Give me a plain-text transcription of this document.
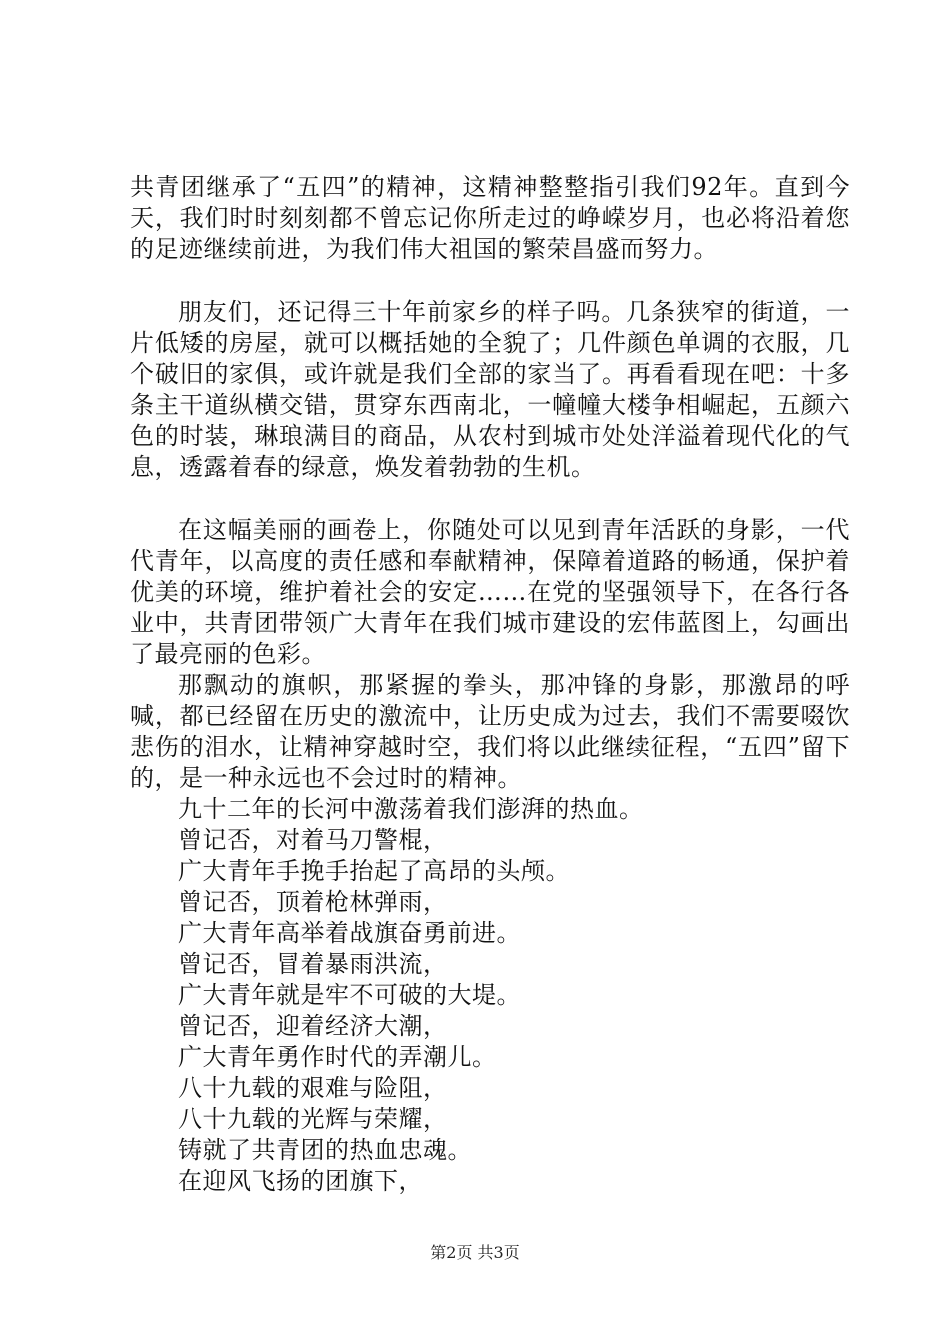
共青团继承了“五四”的精神，这精神整整指引我们92年。直到今天，我们时时刻刻都不曾忘记你所走过的峥嵘岁月，也必将沿着您的足迹继续前进，为我们伟大祖国的繁荣昌盛而努力。

朋友们，还记得三十年前家乡的样子吗。几条狭窄的街道，一片低矮的房屋，就可以概括她的全貌了；几件颜色单调的衣服，几个破旧的家俱，或许就是我们全部的家当了。再看看现在吧：十多条主干道纵横交错，贯穿东西南北，一幢幢大楼争相崛起，五颜六色的时装，琳琅满目的商品，从农村到城市处处洋溢着现代化的气息，透露着春的绿意，焕发着勃勃的生机。

在这幅美丽的画卷上，你随处可以见到青年活跃的身影，一代代青年，以高度的责任感和奉献精神，保障着道路的畅通，保护着优美的环境，维护着社会的安定……在党的坚强领导下，在各行各业中，共青团带领广大青年在我们城市建设的宏伟蓝图上，勾画出了最亮丽的色彩。

那飘动的旗帜，那紧握的拳头，那冲锋的身影，那激昂的呼喊，都已经留在历史的激流中，让历史成为过去，我们不需要啜饮悲伤的泪水，让精神穿越时空，我们将以此继续征程，“五四”留下的，是一种永远也不会过时的精神。

九十二年的长河中激荡着我们澎湃的热血。

曾记否，对着马刀警棍，

广大青年手挽手抬起了高昂的头颅。

曾记否，顶着枪林弹雨，

广大青年高举着战旗奋勇前进。

曾记否，冒着暴雨洪流，

广大青年就是牢不可破的大堤。

曾记否，迎着经济大潮，

广大青年勇作时代的弄潮儿。

八十九载的艰难与险阻，

八十九载的光辉与荣耀，

铸就了共青团的热血忠魂。

在迎风飞扬的团旗下，

第2页 共3页
